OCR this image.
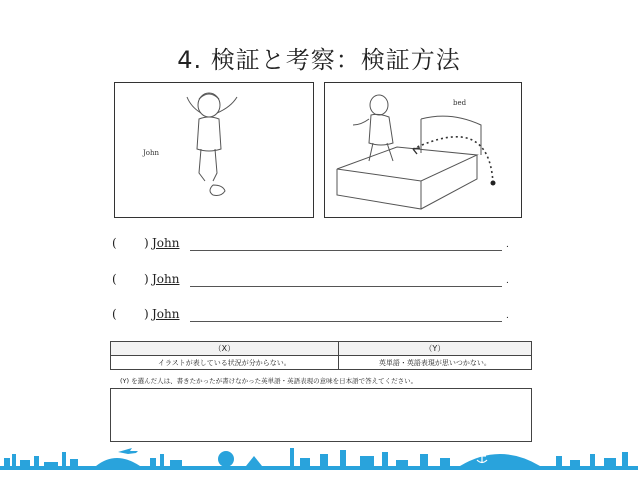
4. 検証と考察：検証方法
John
bed
( ) John	.
( ) John	.
( ) John	.
（X）	（Y）
イラストが表している状況が分からない。	英単語・英語表現が思いつかない。
(Y) を選んだ人は、書きたかったが書けなかった英単語・英語表現の意味を日本語で答えてください。
